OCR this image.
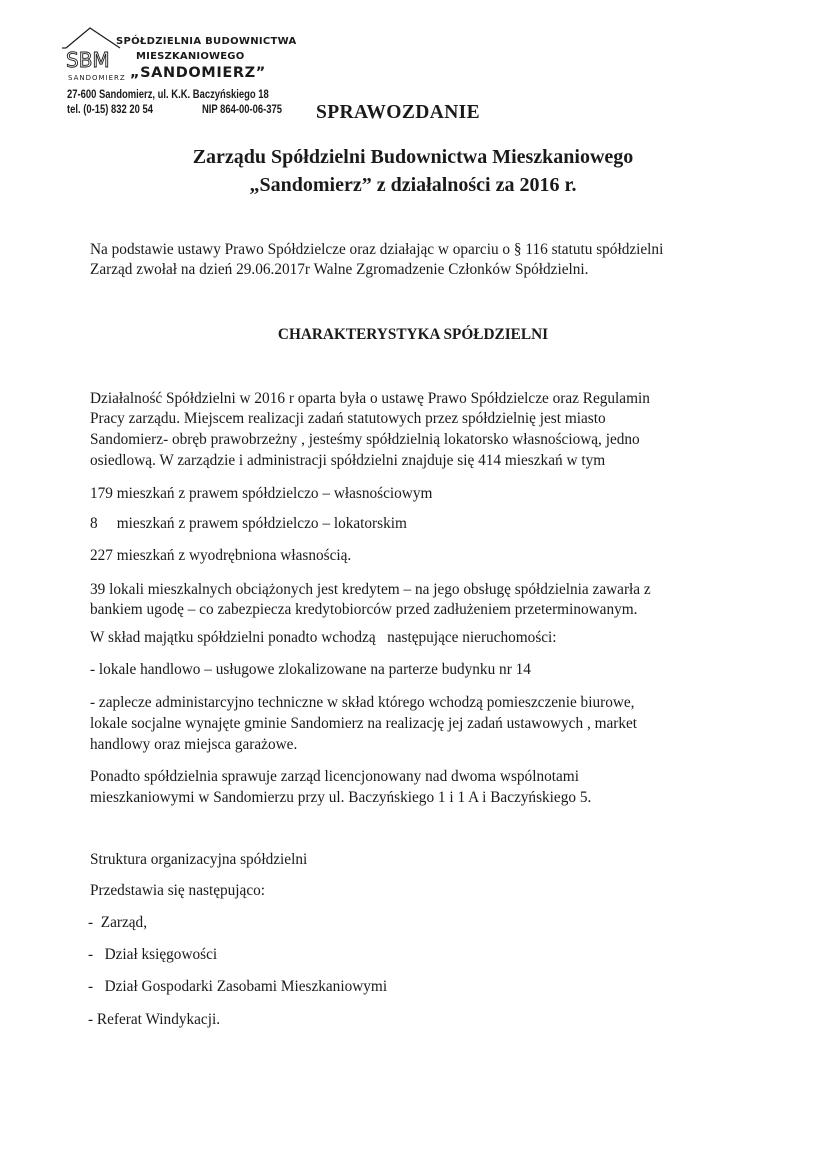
SBM
SPÓŁDZIELNIA BUDOWNICTWA
MIESZKANIOWEGO
„SANDOMIERZ”
SANDOMIERZ
27-600 Sandomierz, ul. K.K. Baczyńskiego 18
tel. (0-15) 832 20 54	NIP 864-00-06-375 SPRAWOZDANIE
Zarządu Spółdzielni Budownictwa Mieszkaniowego
„Sandomierz” z działalności za 2016 r.
Na podstawie ustawy Prawo Spółdzielcze oraz działając w oparciu o § 116 statutu spółdzielni
Zarząd zwołał na dzień 29.06.2017r Walne Zgromadzenie Członków Spółdzielni.
CHARAKTERYSTYKA SPÓŁDZIELNI
Działalność Spółdzielni w 2016 r oparta była o ustawę Prawo Spółdzielcze oraz Regulamin
Pracy zarządu. Miejscem realizacji zadań statutowych przez spółdzielnię jest miasto
Sandomierz- obręb prawobrzeżny , jesteśmy spółdzielnią lokatorsko własnościową, jedno
osiedlową. W zarządzie i administracji spółdzielni znajduje się 414 mieszkań w tym
179 mieszkań z prawem spółdzielczo – własnościowym
8     mieszkań z prawem spółdzielczo – lokatorskim
227 mieszkań z wyodrębniona własnością.
39 lokali mieszkalnych obciążonych jest kredytem – na jego obsługę spółdzielnia zawarła z
bankiem ugodę – co zabezpiecza kredytobiorców przed zadłużeniem przeterminowanym.
W skład majątku spółdzielni ponadto wchodzą   następujące nieruchomości:
- lokale handlowo – usługowe zlokalizowane na parterze budynku nr 14
- zaplecze administarcyjno techniczne w skład którego wchodzą pomieszczenie biurowe,
lokale socjalne wynajęte gminie Sandomierz na realizację jej zadań ustawowych , market
handlowy oraz miejsca garażowe.
Ponadto spółdzielnia sprawuje zarząd licencjonowany nad dwoma wspólnotami
mieszkaniowymi w Sandomierzu przy ul. Baczyńskiego 1 i 1 A i Baczyńskiego 5.
Struktura organizacyjna spółdzielni
Przedstawia się następująco:
-  Zarząd,
-   Dział księgowości
-   Dział Gospodarki Zasobami Mieszkaniowymi
- Referat Windykacji.
